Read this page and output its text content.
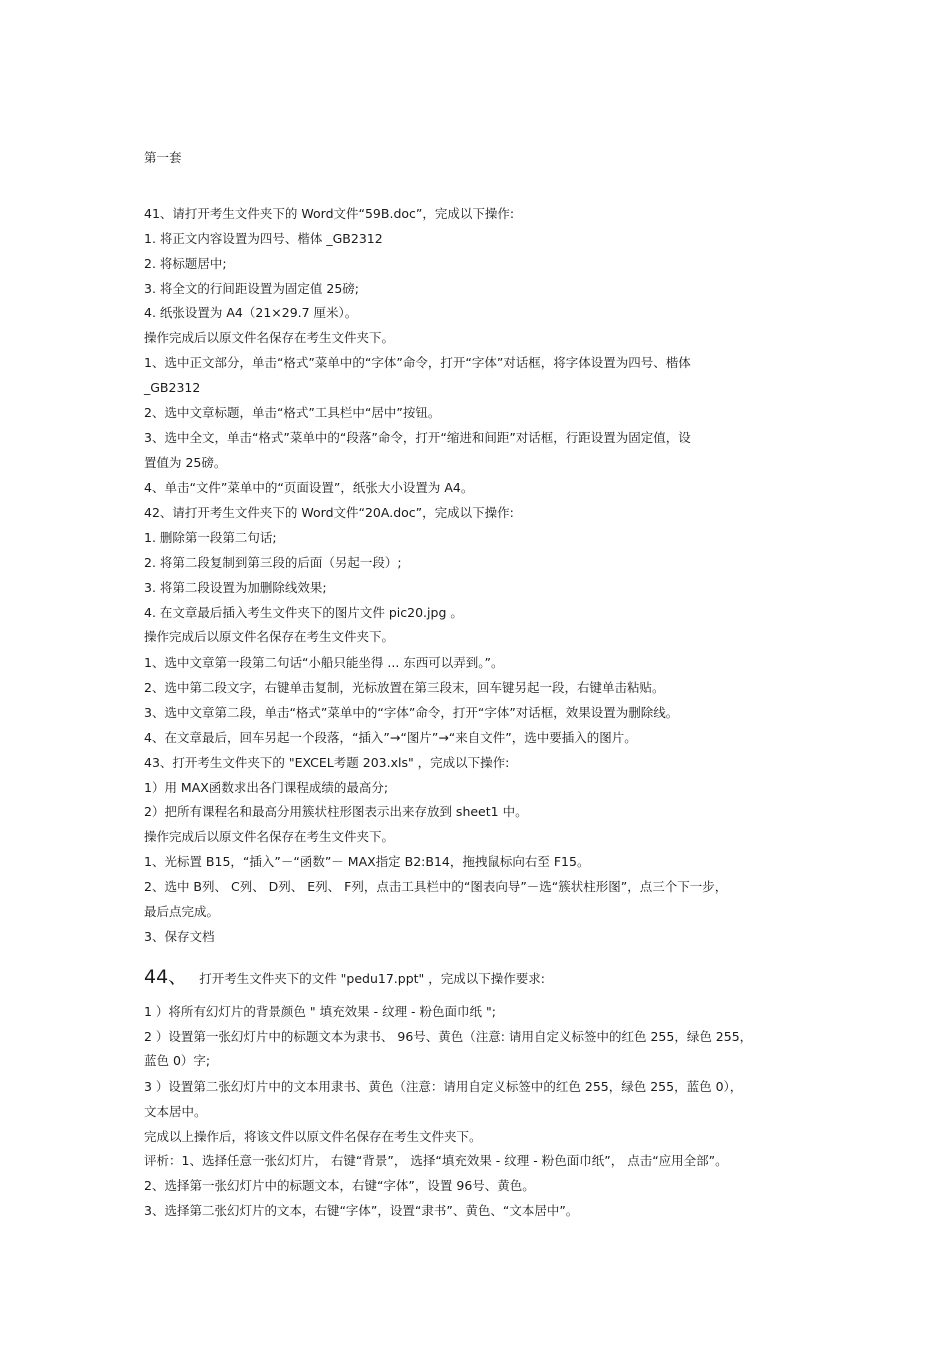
第一套
41、请打开考生文件夹下的 Word文件“59B.doc”，完成以下操作:
1. 将正文内容设置为四号、楷体 _GB2312
2. 将标题居中;
3. 将全文的行间距设置为固定值 25磅;
4. 纸张设置为 A4（21×29.7 厘米）。
操作完成后以原文件名保存在考生文件夹下。
1、选中正文部分，单击“格式”菜单中的“字体”命令，打开“字体”对话框，将字体设置为四号、楷体
_GB2312
2、选中文章标题，单击“格式”工具栏中“居中”按钮。
3、选中全文，单击“格式”菜单中的“段落”命令，打开“缩进和间距”对话框，行距设置为固定值，设
置值为 25磅。
4、单击“文件”菜单中的“页面设置”，纸张大小设置为 A4。
42、请打开考生文件夹下的 Word文件“20A.doc”，完成以下操作:
1. 删除第一段第二句话;
2. 将第二段复制到第三段的后面（另起一段）;
3. 将第二段设置为加删除线效果;
4. 在文章最后插入考生文件夹下的图片文件 pic20.jpg 。
操作完成后以原文件名保存在考生文件夹下。
1、选中文章第一段第二句话“小船只能坐得 ... 东西可以弄到。”。
2、选中第二段文字，右键单击复制，光标放置在第三段末，回车键另起一段，右键单击粘贴。
3、选中文章第二段，单击“格式”菜单中的“字体”命令，打开“字体”对话框，效果设置为删除线。
4、在文章最后，回车另起一个段落，“插入”→“图片”→“来自文件”，选中要插入的图片。
43、打开考生文件夹下的 "EXCEL考题 203.xls" ，完成以下操作:
1）用 MAX函数求出各门课程成绩的最高分;
2）把所有课程名和最高分用簇状柱形图表示出来存放到 sheet1 中。
操作完成后以原文件名保存在考生文件夹下。
1、光标置 B15，“插入”－“函数”－ MAX指定 B2:B14，拖拽鼠标向右至 F15。
2、选中 B列、 C列、 D列、 E列、 F列，点击工具栏中的“图表向导”－选“簇状柱形图”，点三个下一步，
最后点完成。
3、保存文档
44、 打开考生文件夹下的文件 "pedu17.ppt" ，完成以下操作要求:
1 ）将所有幻灯片的背景颜色 " 填充效果 - 纹理 - 粉色面巾纸 ";
2 ）设置第一张幻灯片中的标题文本为隶书、 96号、黄色（注意: 请用自定义标签中的红色 255，绿色 255，
蓝色 0）字;
3 ）设置第二张幻灯片中的文本用隶书、黄色（注意：请用自定义标签中的红色 255，绿色 255，蓝色 0），
文本居中。
完成以上操作后，将该文件以原文件名保存在考生文件夹下。
评析：1、选择任意一张幻灯片， 右键“背景”， 选择“填充效果 - 纹理 - 粉色面巾纸”， 点击“应用全部”。
2、选择第一张幻灯片中的标题文本，右键“字体”，设置 96号、黄色。
3、选择第二张幻灯片的文本，右键“字体”，设置“隶书”、黄色、“文本居中”。
